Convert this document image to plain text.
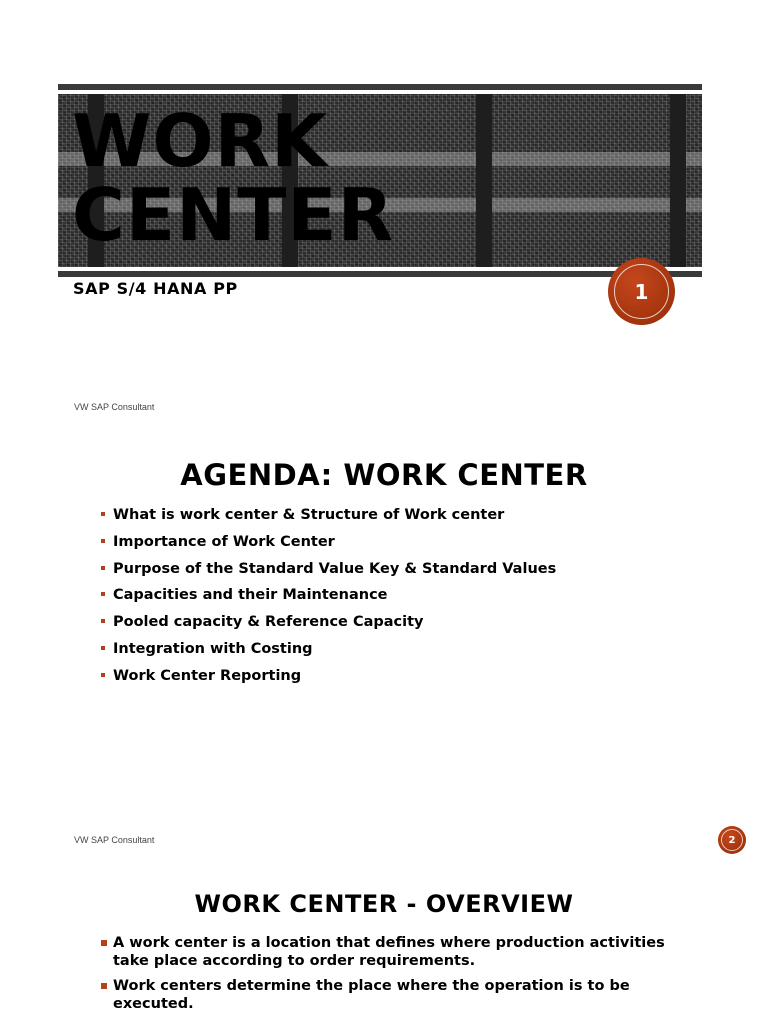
WORK
CENTER

SAP S/4 HANA PP	1
VW SAP Consultant
AGENDA: WORK CENTER
What is work center & Structure of Work center
Importance of Work Center
Purpose of the Standard Value Key & Standard Values
Capacities and their Maintenance
Pooled capacity & Reference Capacity
Integration with Costing
Work Center Reporting
VW SAP Consultant	2
WORK CENTER - OVERVIEW
A work center is a location that defines where production activities take place according to order requirements.
Work centers determine the place where the operation is to be executed.
